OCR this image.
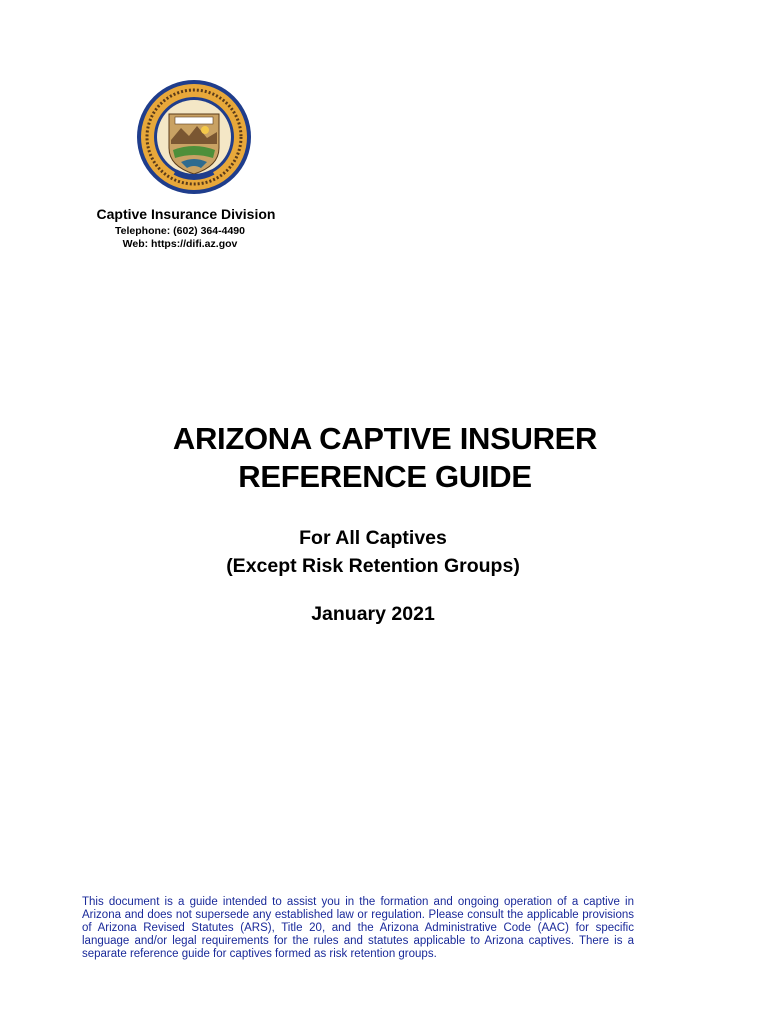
Captive Insurance Division
Telephone: (602) 364-4490
Web: https://difi.az.gov
ARIZONA CAPTIVE INSURER
REFERENCE GUIDE
For All Captives
(Except Risk Retention Groups)
January 2021
This document is a guide intended to assist you in the formation and ongoing operation of a captive in Arizona and does not supersede any established law or regulation. Please consult the applicable provisions of Arizona Revised Statutes (ARS), Title 20, and the Arizona Administrative Code (AAC) for specific language and/or legal requirements for the rules and statutes applicable to Arizona captives. There is a separate reference guide for captives formed as risk retention groups.
